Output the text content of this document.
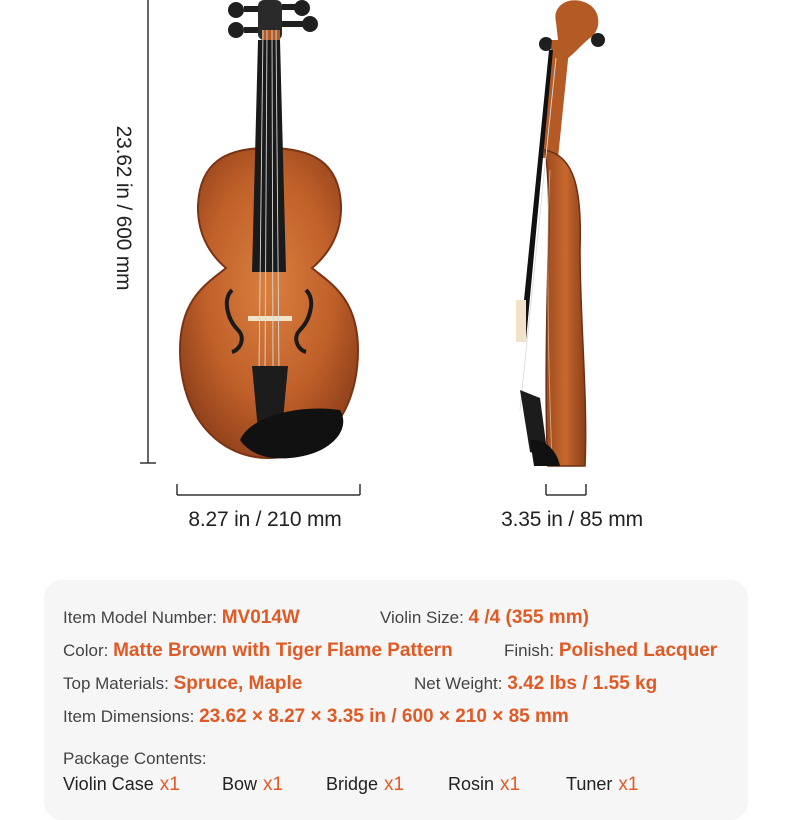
23.62 in / 600 mm
8.27 in / 210 mm	3.35 in / 85 mm
Item Model Number: MV014W	Violin Size: 4 /4 (355 mm)
Color: Matte Brown with Tiger Flame Pattern	Finish: Polished Lacquer
Top Materials: Spruce, Maple	Net Weight: 3.42 lbs / 1.55 kg
Item Dimensions: 23.62 × 8.27 × 3.35 in / 600 × 210 × 85 mm
Package Contents:
Violin Case x1 Bow x1 Bridge x1 Rosin x1	Tuner x1
